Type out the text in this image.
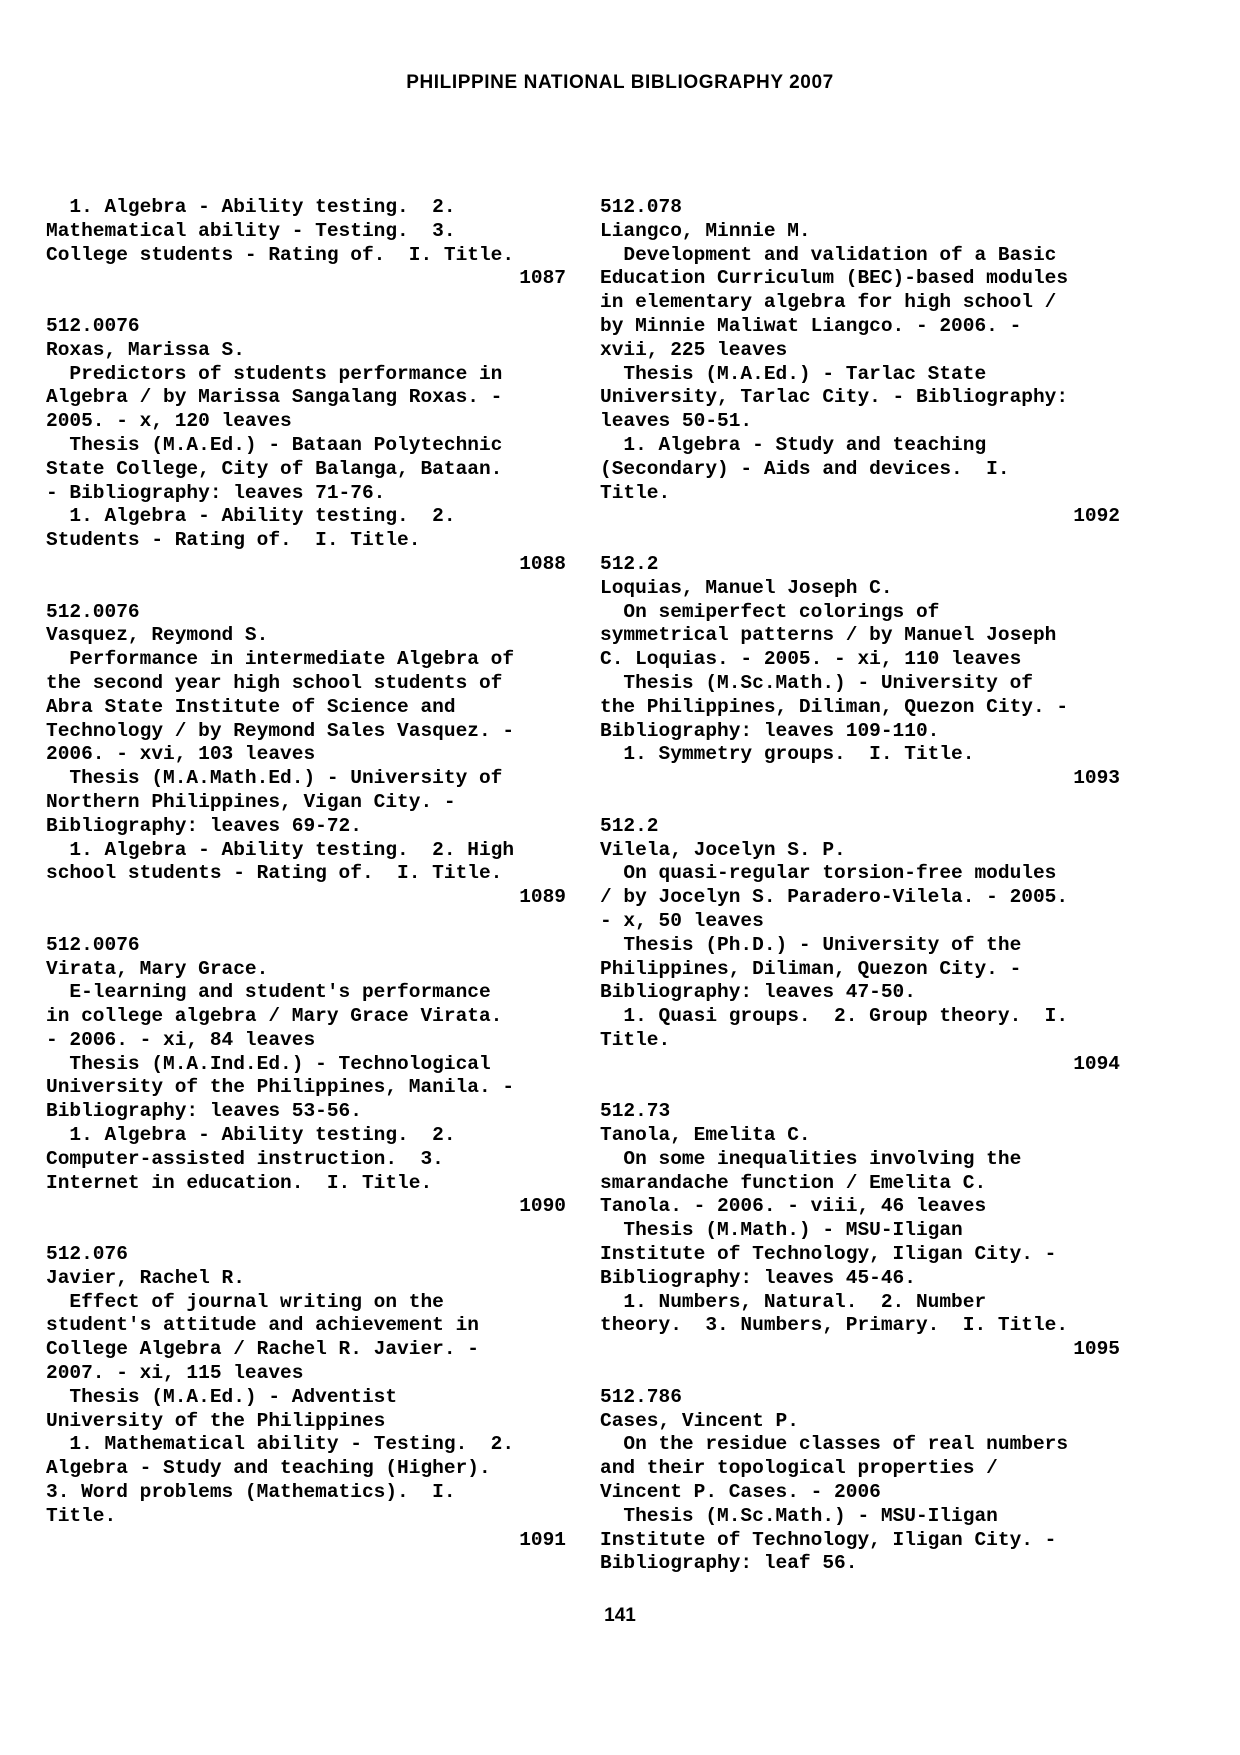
PHILIPPINE NATIONAL BIBLIOGRAPHY 2007
1. Algebra - Ability testing.  2.
Mathematical ability - Testing.  3.
College students - Rating of.  I. Title.
1087
512.0076
Roxas, Marissa S.
Predictors of students performance in
Algebra / by Marissa Sangalang Roxas. -
2005. - x, 120 leaves
Thesis (M.A.Ed.) - Bataan Polytechnic
State College, City of Balanga, Bataan.
- Bibliography: leaves 71-76.
1. Algebra - Ability testing.  2.
Students - Rating of.  I. Title.
1088
512.0076
Vasquez, Reymond S.
Performance in intermediate Algebra of
the second year high school students of
Abra State Institute of Science and
Technology / by Reymond Sales Vasquez. -
2006. - xvi, 103 leaves
Thesis (M.A.Math.Ed.) - University of
Northern Philippines, Vigan City. -
Bibliography: leaves 69-72.
1. Algebra - Ability testing.  2. High
school students - Rating of.  I. Title.
1089
512.0076
Virata, Mary Grace.
E-learning and student's performance
in college algebra / Mary Grace Virata.
- 2006. - xi, 84 leaves
Thesis (M.A.Ind.Ed.) - Technological
University of the Philippines, Manila. -
Bibliography: leaves 53-56.
1. Algebra - Ability testing.  2.
Computer-assisted instruction.  3.
Internet in education.  I. Title.
1090
512.076
Javier, Rachel R.
Effect of journal writing on the
student's attitude and achievement in
College Algebra / Rachel R. Javier. -
2007. - xi, 115 leaves
Thesis (M.A.Ed.) - Adventist
University of the Philippines
1. Mathematical ability - Testing.  2.
Algebra - Study and teaching (Higher).
3. Word problems (Mathematics).  I.
Title.
1091
512.078
Liangco, Minnie M.
Development and validation of a Basic
Education Curriculum (BEC)-based modules
in elementary algebra for high school /
by Minnie Maliwat Liangco. - 2006. -
xvii, 225 leaves
Thesis (M.A.Ed.) - Tarlac State
University, Tarlac City. - Bibliography:
leaves 50-51.
1. Algebra - Study and teaching
(Secondary) - Aids and devices.  I.
Title.
1092
512.2
Loquias, Manuel Joseph C.
On semiperfect colorings of
symmetrical patterns / by Manuel Joseph
C. Loquias. - 2005. - xi, 110 leaves
Thesis (M.Sc.Math.) - University of
the Philippines, Diliman, Quezon City. -
Bibliography: leaves 109-110.
1. Symmetry groups.  I. Title.
1093
512.2
Vilela, Jocelyn S. P.
On quasi-regular torsion-free modules
/ by Jocelyn S. Paradero-Vilela. - 2005.
- x, 50 leaves
Thesis (Ph.D.) - University of the
Philippines, Diliman, Quezon City. -
Bibliography: leaves 47-50.
1. Quasi groups.  2. Group theory.  I.
Title.
1094
512.73
Tanola, Emelita C.
On some inequalities involving the
smarandache function / Emelita C.
Tanola. - 2006. - viii, 46 leaves
Thesis (M.Math.) - MSU-Iligan
Institute of Technology, Iligan City. -
Bibliography: leaves 45-46.
1. Numbers, Natural.  2. Number
theory.  3. Numbers, Primary.  I. Title.
1095
512.786
Cases, Vincent P.
On the residue classes of real numbers
and their topological properties /
Vincent P. Cases. - 2006
Thesis (M.Sc.Math.) - MSU-Iligan
Institute of Technology, Iligan City. -
Bibliography: leaf 56.
141
